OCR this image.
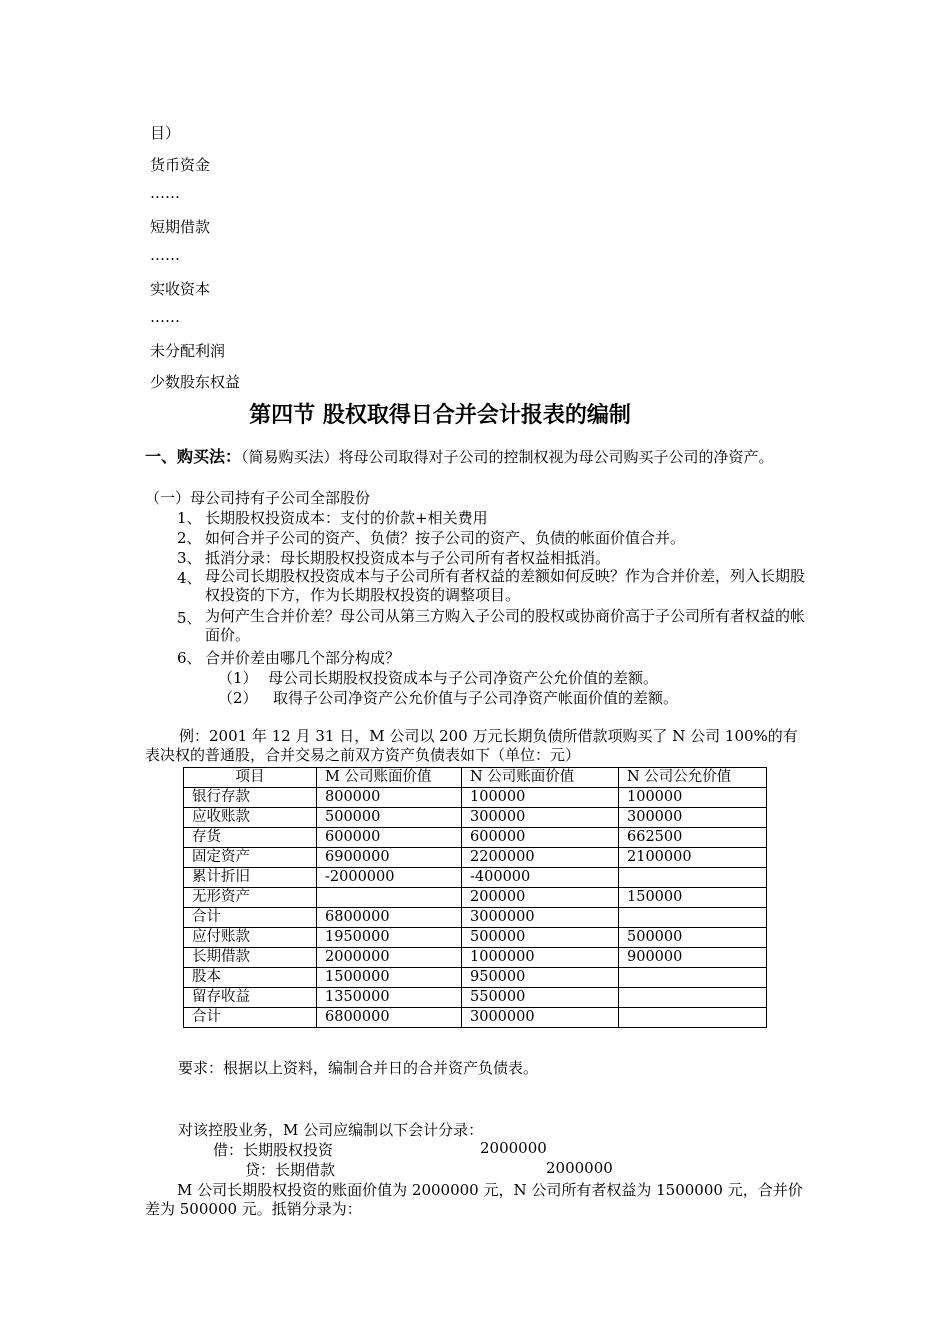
目）
货币资金
……
短期借款
……
实收资本
……
未分配利润
少数股东权益
第四节 股权取得日合并会计报表的编制
一、购买法：（简易购买法）将母公司取得对子公司的控制权视为母公司购买子公司的净资产。
（一）母公司持有子公司全部股份
1、 长期股权投资成本：支付的价款+相关费用
2、 如何合并子公司的资产、负债？按子公司的资产、负债的帐面价值合并。
3、 抵消分录：母长期股权投资成本与子公司所有者权益相抵消。
4、 母公司长期股权投资成本与子公司所有者权益的差额如何反映？作为合并价差，列入长期股权投资的下方，作为长期股权投资的调整项目。
5、 为何产生合并价差？母公司从第三方购入子公司的股权或协商价高于子公司所有者权益的帐面价。
6、 合并价差由哪几个部分构成？
（1） 母公司长期股权投资成本与子公司净资产公允价值的差额。
（2） 取得子公司净资产公允价值与子公司净资产帐面价值的差额。
例：2001 年 12 月 31 日，M 公司以 200 万元长期负债所借款项购买了 N 公司 100%的有表决权的普通股，合并交易之前双方资产负债表如下（单位：元）
项目	M 公司账面价值	N 公司账面价值	N 公司公允价值
银行存款	800000	100000	100000
应收账款	500000	300000	300000
存货	600000	600000	662500
固定资产	6900000	2200000	2100000
累计折旧	-2000000	-400000	
无形资产		200000	150000
合计	6800000	3000000	
应付账款	1950000	500000	500000
长期借款	2000000	1000000	900000
股本	1500000	950000	
留存收益	1350000	550000	
合计	6800000	3000000	
要求：根据以上资料，编制合并日的合并资产负债表。
对该控股业务，M 公司应编制以下会计分录：
借：长期股权投资	2000000
贷：长期借款	2000000
M 公司长期股权投资的账面价值为 2000000 元，N 公司所有者权益为 1500000 元，合并价差为 500000 元。抵销分录为：
